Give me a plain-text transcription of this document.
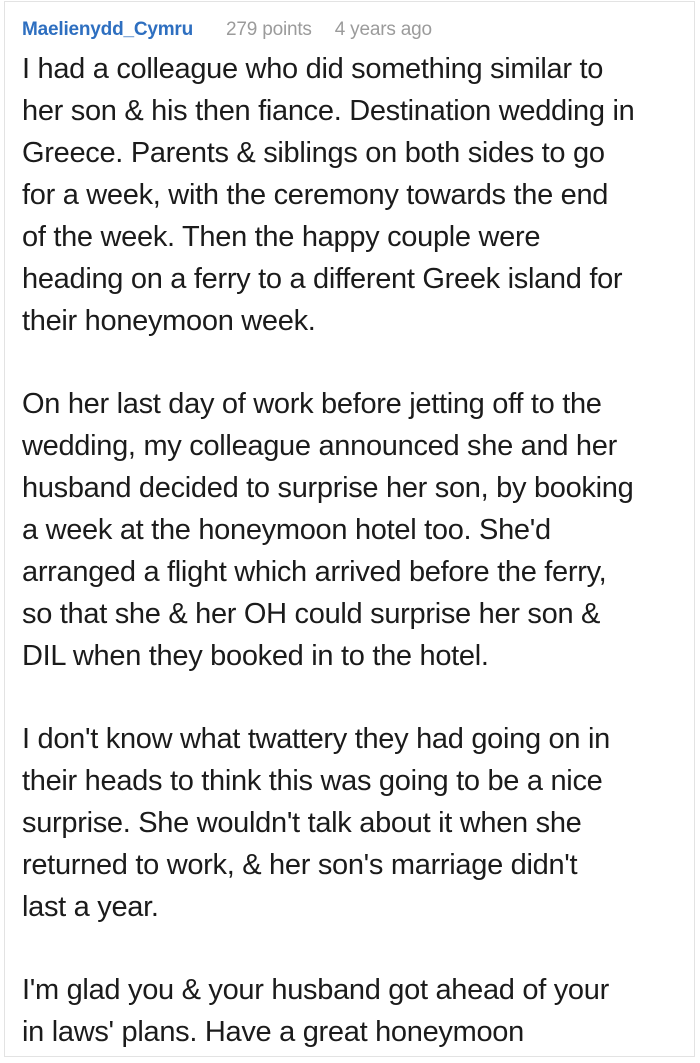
Maelienydd_Cymru 279 points 4 years ago
I had a colleague who did something similar to
her son & his then fiance. Destination wedding in
Greece. Parents & siblings on both sides to go
for a week, with the ceremony towards the end
of the week. Then the happy couple were
heading on a ferry to a different Greek island for
their honeymoon week.
On her last day of work before jetting off to the
wedding, my colleague announced she and her
husband decided to surprise her son, by booking
a week at the honeymoon hotel too. She'd
arranged a flight which arrived before the ferry,
so that she & her OH could surprise her son &
DIL when they booked in to the hotel.
I don't know what twattery they had going on in
their heads to think this was going to be a nice
surprise. She wouldn't talk about it when she
returned to work, & her son's marriage didn't
last a year.
I'm glad you & your husband got ahead of your
in laws' plans. Have a great honeymoon
